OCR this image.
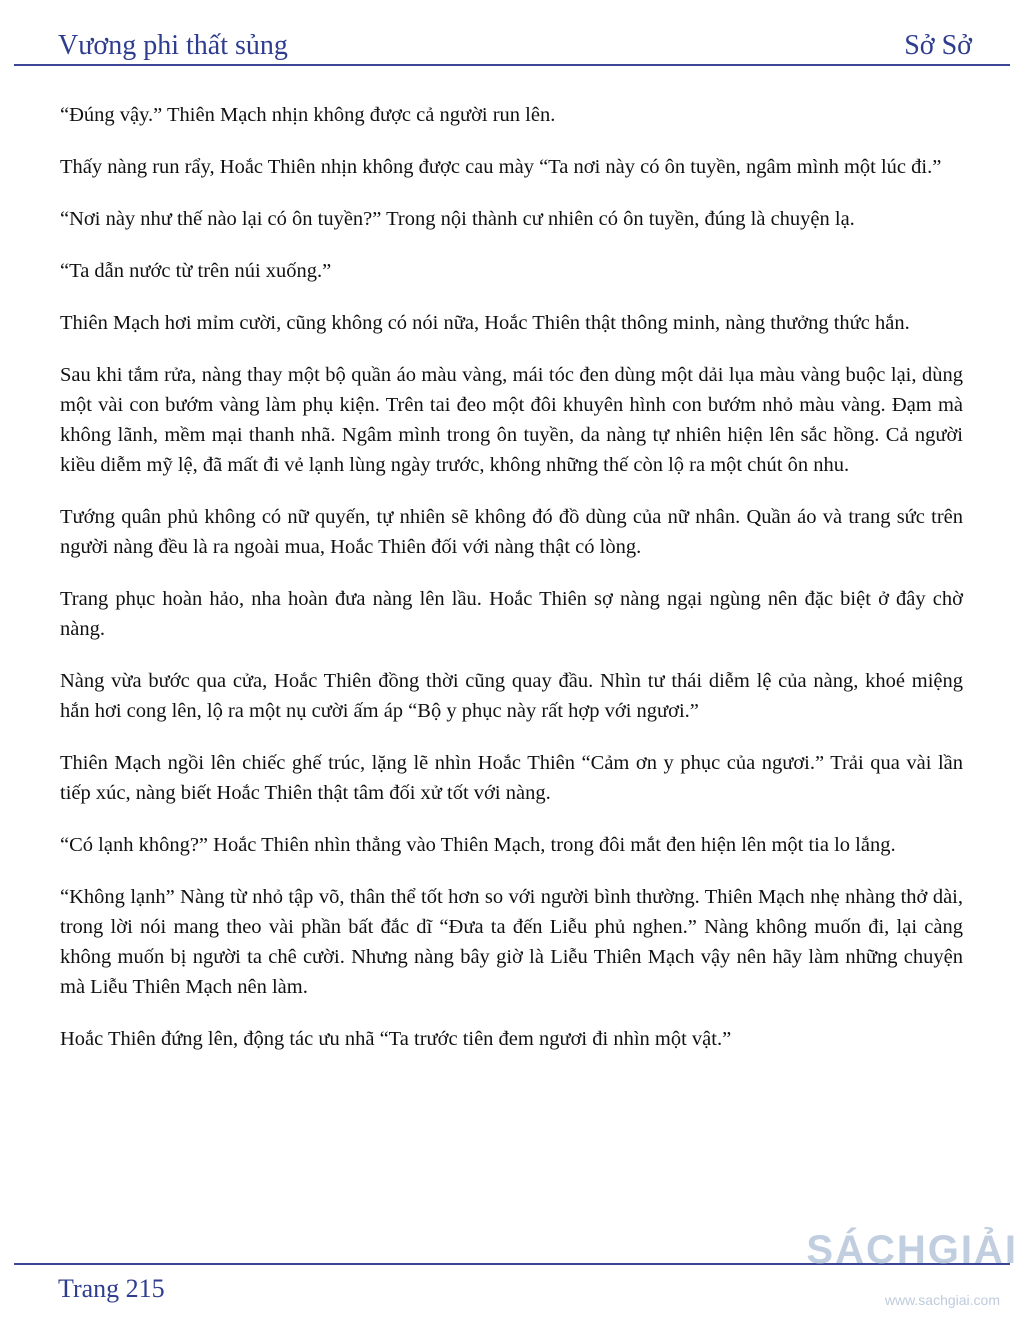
Vương phi thất sủng	Sở Sở

“Đúng vậy.” Thiên Mạch nhịn không được cả người run lên.

Thấy nàng run rẩy, Hoắc Thiên nhịn không được cau mày “Ta nơi này có ôn tuyền, ngâm mình một lúc đi.”

“Nơi này như thế nào lại có ôn tuyền?” Trong nội thành cư nhiên có ôn tuyền, đúng là chuyện lạ.

“Ta dẫn nước từ trên núi xuống.”

Thiên Mạch hơi mỉm cười, cũng không có nói nữa, Hoắc Thiên thật thông minh, nàng thưởng thức hắn.

Sau khi tắm rửa, nàng thay một bộ quần áo màu vàng, mái tóc đen dùng một dải lụa màu vàng buộc lại, dùng một vài con bướm vàng làm phụ kiện. Trên tai đeo một đôi khuyên hình con bướm nhỏ màu vàng. Đạm mà không lãnh, mềm mại thanh nhã. Ngâm mình trong ôn tuyền, da nàng tự nhiên hiện lên sắc hồng. Cả người kiều diễm mỹ lệ, đã mất đi vẻ lạnh lùng ngày trước, không những thế còn lộ ra một chút ôn nhu.

Tướng quân phủ không có nữ quyến, tự nhiên sẽ không đó đồ dùng của nữ nhân. Quần áo và trang sức trên người nàng đều là ra ngoài mua, Hoắc Thiên đối với nàng thật có lòng.

Trang phục hoàn hảo, nha hoàn đưa nàng lên lầu. Hoắc Thiên sợ nàng ngại ngùng nên đặc biệt ở đây chờ nàng.

Nàng vừa bước qua cửa, Hoắc Thiên đồng thời cũng quay đầu. Nhìn tư thái diễm lệ của nàng, khoé miệng hắn hơi cong lên, lộ ra một nụ cười ấm áp “Bộ y phục này rất hợp với ngươi.”

Thiên Mạch ngồi lên chiếc ghế trúc, lặng lẽ nhìn Hoắc Thiên “Cảm ơn y phục của ngươi.” Trải qua vài lần tiếp xúc, nàng biết Hoắc Thiên thật tâm đối xử tốt với nàng.

“Có lạnh không?” Hoắc Thiên nhìn thẳng vào Thiên Mạch, trong đôi mắt đen hiện lên một tia lo lắng.

“Không lạnh” Nàng từ nhỏ tập võ, thân thể tốt hơn so với người bình thường. Thiên Mạch nhẹ nhàng thở dài, trong lời nói mang theo vài phần bất đắc dĩ “Đưa ta đến Liễu phủ nghen.” Nàng không muốn đi, lại càng không muốn bị người ta chê cười. Nhưng nàng bây giờ là Liễu Thiên Mạch vậy nên hãy làm những chuyện mà Liễu Thiên Mạch nên làm.

Hoắc Thiên đứng lên, động tác ưu nhã “Ta trước tiên đem ngươi đi nhìn một vật.”

Trang 215
SÁCHGIẢI
www.sachgiai.com
